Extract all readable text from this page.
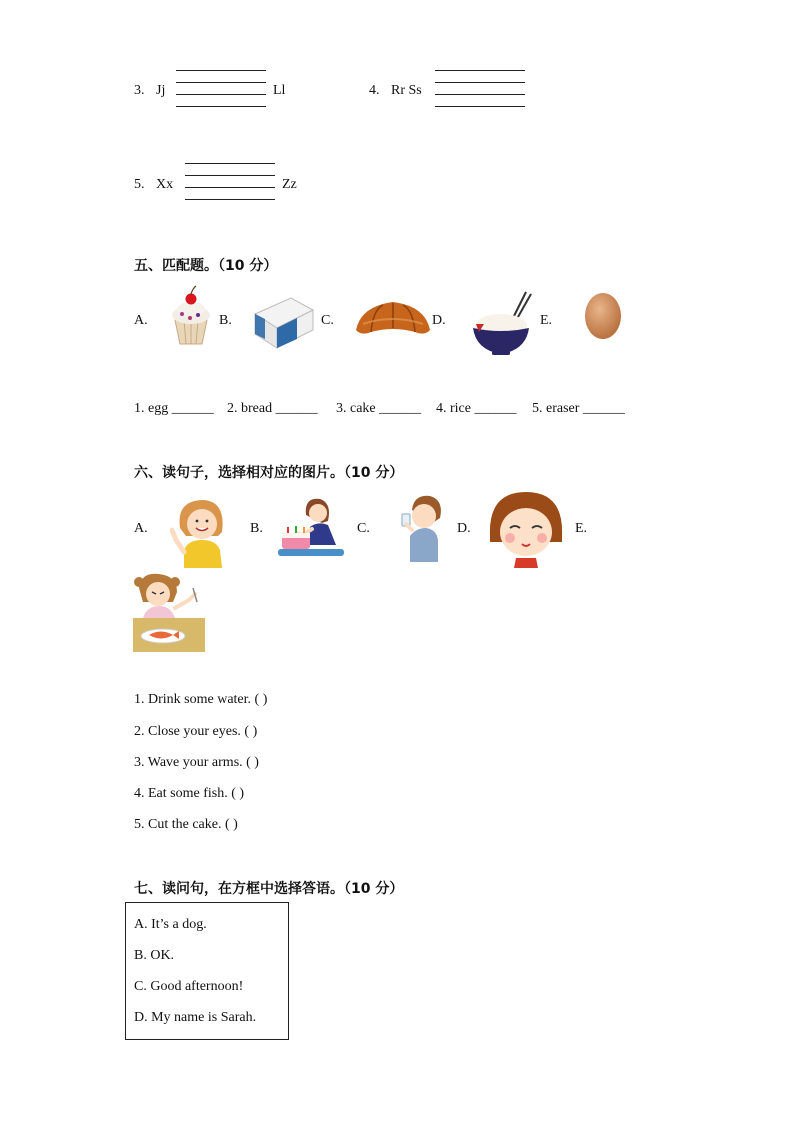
3. Jj	Ll	4. Rr Ss
5. Xx	Zz
五、匹配题。（10 分）
A.	B.	C.	D.	E.
1. egg ______ 2. bread ______ 3. cake ______ 4. rice ______ 5. eraser ______
六、读句子，选择相对应的图片。（10 分）
A.	B.	C.	D.	E.
1. Drink some water. ( )
2. Close your eyes. ( )
3. Wave your arms. ( )
4. Eat some fish. ( )
5. Cut the cake. ( )
七、读问句，在方框中选择答语。（10 分）
A. It’s a dog.
B. OK.
C. Good afternoon!
D. My name is Sarah.
